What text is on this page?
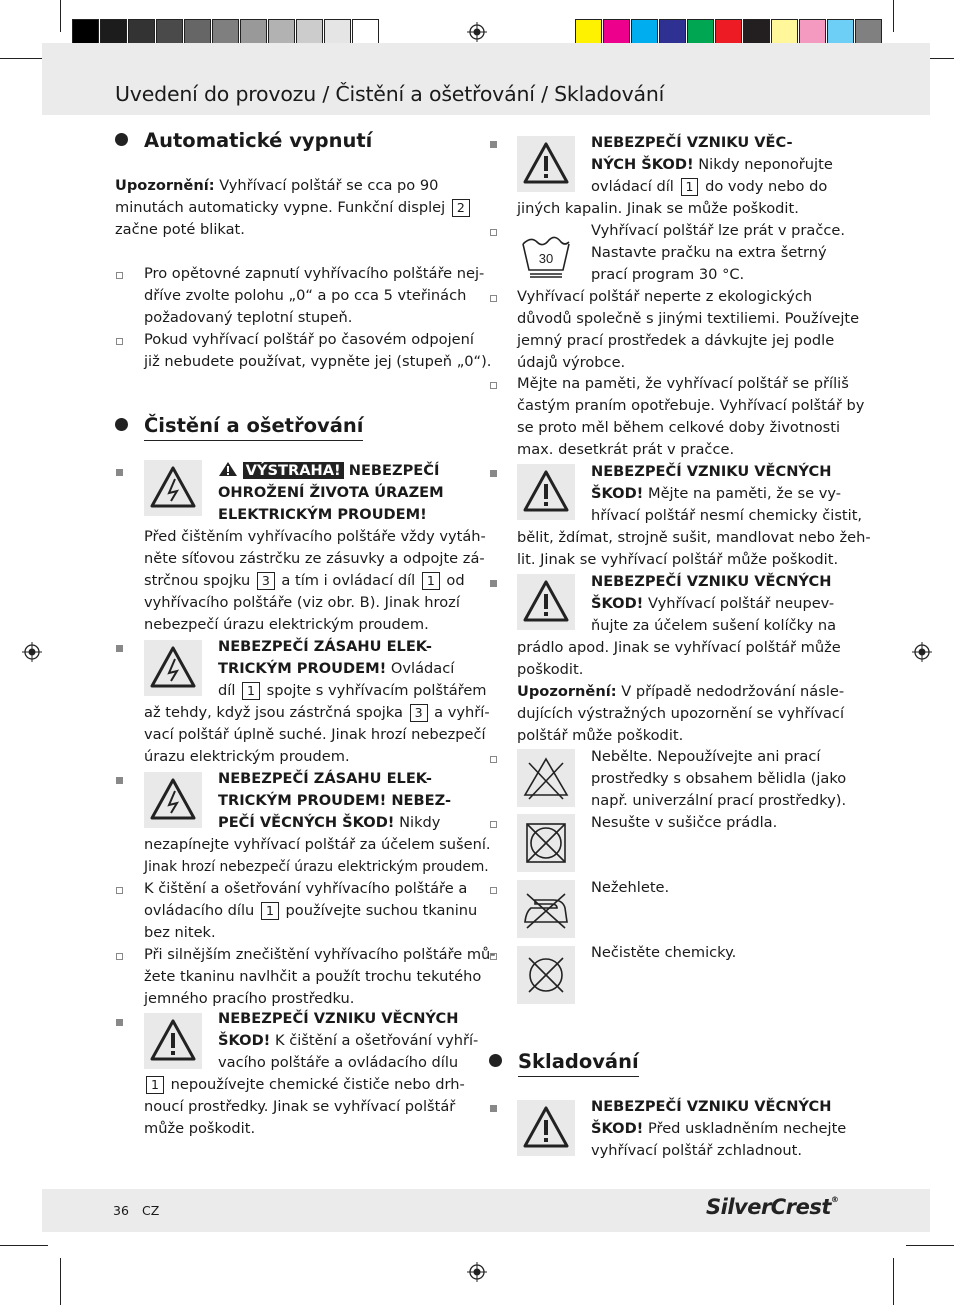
Uvedení do provozu / Čistění a ošetřování / Skladování
Automatické vypnutí
Upozornění: Vyhřívací polštář se cca po 90
minutách automaticky vypne. Funkční displej 2
začne poté blikat.
Pro opětovné zapnutí vyhřívacího polštáře nej-
dříve zvolte polohu „0“ a po cca 5 vteřinách
požadovaný teplotní stupeň.
Pokud vyhřívací polštář po časovém odpojení
již nebudete používat, vypněte jej (stupeň „0“).
Čistění a ošetřování
VÝSTRAHA! NEBEZPEČÍ
OHROŽENÍ ŽIVOTA ÚRAZEM
ELEKTRICKÝM PROUDEM!
Před čištěním vyhřívacího polštáře vždy vytáh-
něte síťovou zástrčku ze zásuvky a odpojte zá-
strčnou spojku 3 a tím i ovládací díl 1 od
vyhřívacího polštáře (viz obr. B). Jinak hrozí
nebezpečí úrazu elektrickým proudem.
NEBEZPEČÍ ZÁSAHU ELEK-
TRICKÝM PROUDEM! Ovládací
díl 1 spojte s vyhřívacím polštářem
až tehdy, když jsou zástrčná spojka 3 a vyhří-
vací polštář úplně suché. Jinak hrozí nebezpečí
úrazu elektrickým proudem.
NEBEZPEČÍ ZÁSAHU ELEK-
TRICKÝM PROUDEM! NEBEZ-
PEČÍ VĚCNÝCH ŠKOD! Nikdy
nezapínejte vyhřívací polštář za účelem sušení.
Jinak hrozí nebezpečí úrazu elektrickým proudem.
K čištění a ošetřování vyhřívacího polštáře a
ovládacího dílu 1 používejte suchou tkaninu
bez nitek.
Při silnějším znečištění vyhřívacího polštáře mů-
žete tkaninu navlhčit a použít trochu tekutého
jemného pracího prostředku.
NEBEZPEČÍ VZNIKU VĚCNÝCH
ŠKOD! K čištění a ošetřování vyhří-
vacího polštáře a ovládacího dílu
1 nepoužívejte chemické čističe nebo drh-
noucí prostředky. Jinak se vyhřívací polštář
může poškodit.
NEBEZPEČÍ VZNIKU VĚC-
NÝCH ŠKOD! Nikdy neponořujte
ovládací díl 1 do vody nebo do
jiných kapalin. Jinak se může poškodit.
30
Vyhřívací polštář lze prát v pračce.
Nastavte pračku na extra šetrný
prací program 30 °C.
Vyhřívací polštář neperte z ekologických
důvodů společně s jinými textiliemi. Používejte
jemný prací prostředek a dávkujte jej podle
údajů výrobce.
Mějte na paměti, že vyhřívací polštář se příliš
častým praním opotřebuje. Vyhřívací polštář by
se proto měl během celkové doby životnosti
max. desetkrát prát v pračce.
NEBEZPEČÍ VZNIKU VĚCNÝCH
ŠKOD! Mějte na paměti, že se vy-
hřívací polštář nesmí chemicky čistit,
bělit, ždímat, strojně sušit, mandlovat nebo žeh-
lit. Jinak se vyhřívací polštář může poškodit.
NEBEZPEČÍ VZNIKU VĚCNÝCH
ŠKOD! Vyhřívací polštář neupev-
ňujte za účelem sušení kolíčky na
prádlo apod. Jinak se vyhřívací polštář může
poškodit.
Upozornění: V případě nedodržování násle-
dujících výstražných upozornění se vyhřívací
polštář může poškodit.
Nebělte. Nepoužívejte ani prací
prostředky s obsahem bělidla (jako
např. univerzální prací prostředky).
Nesušte v sušičce prádla.
Nežehlete.
Nečistěte chemicky.
Skladování
NEBEZPEČÍ VZNIKU VĚCNÝCH
ŠKOD! Před uskladněním nechejte
vyhřívací polštář zchladnout.
36 CZ	SilverCrest®
